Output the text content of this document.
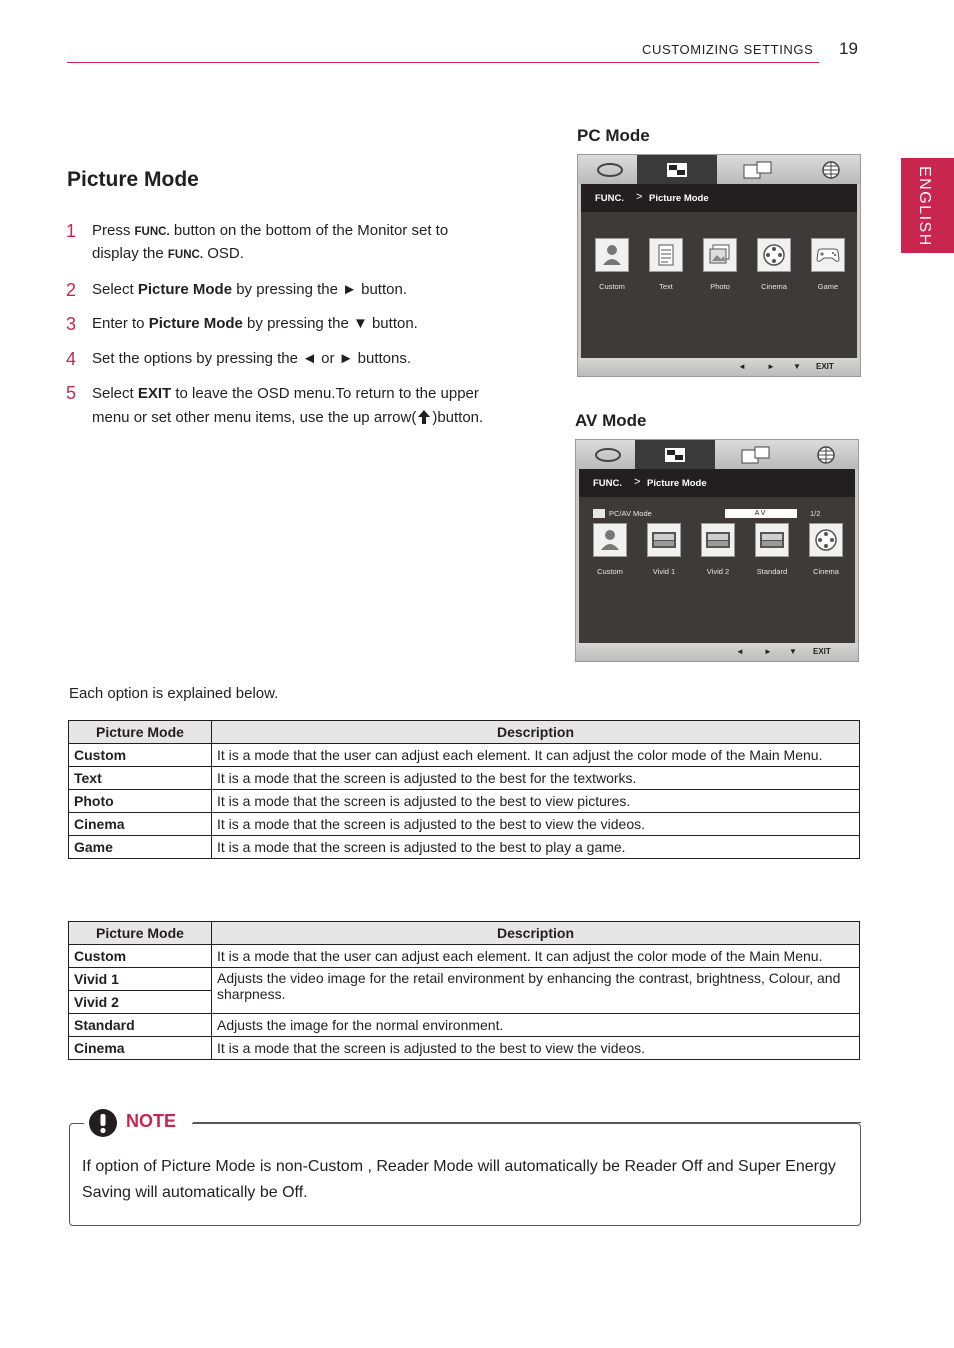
CUSTOMIZING SETTINGS 19
ENGLISH
Picture Mode
1 Press FUNC. button on the bottom of the Monitor set to display the FUNC. OSD.
2 Select Picture Mode by pressing the ► button.
3 Enter to Picture Mode by pressing the ▼ button.
4 Set the options by pressing the ◄ or ► buttons.
5 Select EXIT to leave the OSD menu.To return to the upper menu or set other menu items, use the up arrow( )button.
PC Mode
FUNC. > Picture Mode
Custom	Text	Photo	Cinema	Game
◄	► ▼ EXIT
AV Mode
FUNC. > Picture Mode
PC/AV Mode	AV	1/2
Custom	Vivid 1	Vivid 2	Standard	Cinema
◄	► ▼ EXIT
Each option is explained below.
Picture Mode	Description
Custom	It is a mode that the user can adjust each element. It can adjust the color mode of the Main Menu.
Text	It is a mode that the screen is adjusted to the best for the textworks.
Photo	It is a mode that the screen is adjusted to the best to view pictures.
Cinema	It is a mode that the screen is adjusted to the best to view the videos.
Game	It is a mode that the screen is adjusted to the best to play a game.
Picture Mode	Description
Custom	It is a mode that the user can adjust each element. It can adjust the color mode of the Main Menu.
Vivid 1	Adjusts the video image for the retail environment by enhancing the contrast, brightness, Colour, and sharpness.
Vivid 2	
Standard	Adjusts the image for the normal environment.
Cinema	It is a mode that the screen is adjusted to the best to view the videos.
NOTE
If option of Picture Mode is non-Custom , Reader Mode will automatically be Reader Off and Super Energy Saving will automatically be Off.
